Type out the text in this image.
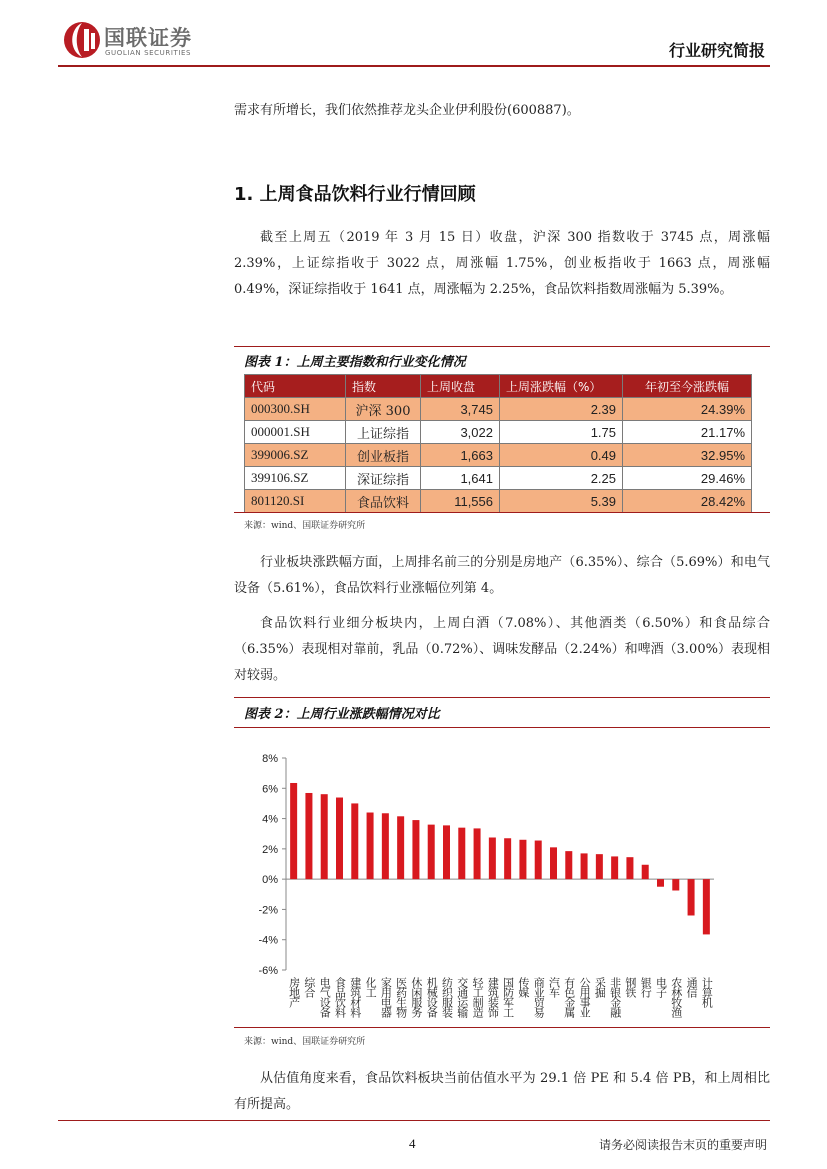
国联证券
GUOLIAN SECURITIES	行业研究简报
需求有所增长，我们依然推荐龙头企业伊利股份(600887)。
1. 上周食品饮料行业行情回顾
截至上周五（2019 年 3 月 15 日）收盘，沪深 300 指数收于 3745 点，周涨幅 2.39%，上证综指收于 3022 点，周涨幅 1.75%，创业板指收于 1663 点，周涨幅 0.49%，深证综指收于 1641 点，周涨幅为 2.25%，食品饮料指数周涨幅为 5.39%。
图表 1：上周主要指数和行业变化情况
代码	指数	上周收盘	上周涨跌幅（%）	年初至今涨跌幅
000300.SH	沪深 300	3,745	2.39	24.39%
000001.SH	上证综指	3,022	1.75	21.17%
399006.SZ	创业板指	1,663	0.49	32.95%
399106.SZ	深证综指	1,641	2.25	29.46%
801120.SI	食品饮料	11,556	5.39	28.42%
来源：wind、国联证券研究所
行业板块涨跌幅方面，上周排名前三的分别是房地产（6.35%）、综合（5.69%）和电气设备（5.61%），食品饮料行业涨幅位列第 4。
食品饮料行业细分板块内，上周白酒（7.08%）、其他酒类（6.50%）和食品综合（6.35%）表现相对靠前，乳品（0.72%）、调味发酵品（2.24%）和啤酒（3.00%）表现相对较弱。
图表 2：上周行业涨跌幅情况对比
-6%
-4%
-2%
0%
2%
4%
6%
8%
房地产 综合 电气设备 食品饮料 建筑材料 化工 家用电器 医药生物 休闲服务 机械设备 纺织服装 交通运输 轻工制造 建筑装饰 国防军工 传媒 商业贸易 汽车 有色金属 公用事业 采掘 非银金融 钢铁 银行 电子 农林牧渔 通信 计算机
来源：wind、国联证券研究所
从估值角度来看，食品饮料板块当前估值水平为 29.1 倍 PE 和 5.4 倍 PB，和上周相比有所提高。
4	请务必阅读报告末页的重要声明
